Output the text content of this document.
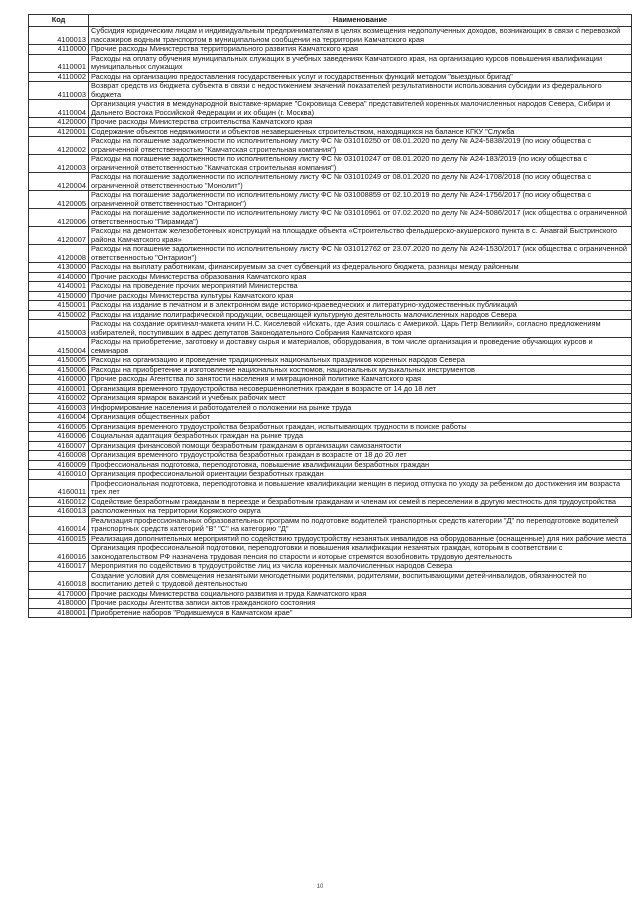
Код	Наименование
4100013	Субсидия юридическим лицам и индивидуальным предпринимателям в целях возмещения недополученных доходов, возникающих в связи с перевозкой пассажиров водным транспортом в муниципальном сообщении на территории Камчатского края
4110000	Прочие расходы Министерства территориального развития Камчатского края
4110001	Расходы на оплату обучения муниципальных служащих в учебных заведениях Камчатского края, на организацию курсов повышения квалификации муниципальных служащих
4110002	Расходы на организацию предоставления государственных услуг и государственных функций методом "выездных бригад"
4110003	Возврат средств из бюджета субъекта в связи с недостижением значений показателей результативности использования субсидии из федерального бюджета
4110004	Организация участия в международной выставке-ярмарке "Сокровища Севера" представителей коренных малочисленных народов Севера, Сибири и Дальнего Востока Российской Федерации и их общин (г. Москва)
4120000	Прочие расходы Министерства строительства Камчатского края
4120001	Содержание объектов недвижимости и объектов незавершенных строительством, находящихся на балансе КГКУ "Служба
4120002	Расходы на погашение задолженности по исполнительному листу ФС № 031010250 от 08.01.2020 по делу № А24-5838/2019 (по иску общества с ограниченной ответственностью "Камчатская строительная компания")
4120003	Расходы на погашение задолженности по исполнительному листу ФС № 031010247 от 08.01.2020 по делу № А24-183/2019 (по иску общества с ограниченной ответственностью "Камчатская строительная компания")
4120004	Расходы на погашение задолженности по исполнительному листу ФС № 031010249 от 08.01.2020 по делу № А24-1708/2018 (по иску общества с ограниченной ответственностью "Монолит")
4120005	Расходы на погашение задолженности по исполнительному листу ФС № 031008859 от 02.10.2019 по делу № А24-1756/2017 (по иску общества с ограниченной ответственностью "Онтарион")
4120006	Расходы на погашение задолженности по исполнительному листу ФС № 031010961 от 07.02.2020 по делу № А24-5086/2017 (иск общества с ограниченной ответственностью "Пирамида")
4120007	Расходы на демонтаж железобетонных конструкций на площадке объекта «Строительство фельдшерско-акушерского пункта в с. Анавгай Быстринского района Камчатского края»
4120008	Расходы на погашение задолженности по исполнительному листу ФС № 031012762 от 23.07.2020 по делу № А24-1530/2017 (иск общества с ограниченной ответственностью "Онтарион")
4130000	Расходы на выплату работникам, финансируемым за счет субвенций из федерального бюджета, разницы между районным
4140000	Прочие расходы Министерства образования Камчатского края
4140001	Расходы на проведение прочих мероприятий Министерства
4150000	Прочие расходы Министерства культуры Камчатского края
4150001	Расходы на издание в печатном и в электронном виде историко-краеведческих и литературно-художественных публикаций
4150002	Расходы на издание полиграфической продукции, освещающей культурную деятельность малочисленных народов Севера
4150003	Расходы на создание оригинал-макета книги Н.С. Киселевой «Искать, где Азия сошлась с Америкой. Царь Петр Великий», согласно предложениям избирателей, поступивших в адрес депутатов Законодательного Собрания Камчатского края
4150004	Расходы на приобретение, заготовку и доставку сырья и материалов, оборудования, в том числе организация и проведение обучающих курсов и семинаров
4150005	Расходы на организацию и проведение традиционных национальных праздников коренных народов Севера
4150006	Расходы на приобретение и изготовление национальных костюмов, национальных музыкальных инструментов
4160000	Прочие расходы Агентства по занятости населения и миграционной политике Камчатского края
4160001	Организация временного трудоустройства несовершеннолетних граждан в возрасте от 14 до 18 лет
4160002	Организация ярмарок вакансий и учебных рабочих мест
4160003	Информирование населения и работодателей о положении на рынке труда
4160004	Организация общественных работ
4160005	Организация временного трудоустройства безработных граждан, испытывающих трудности в поиске работы
4160006	Социальная адаптация безработных граждан на рынке труда
4160007	Организация финансовой помощи безработным гражданам в организации самозанятости
4160008	Организация временного трудоустройства безработных граждан в возрасте от 18 до 20 лет
4160009	Профессиональная подготовка, переподготовка, повышение квалификации безработных граждан
4160010	Организация профессиональной ориентации безработных граждан
4160011	Профессиональная подготовка, переподготовка и повышение квалификации женщин в период отпуска по уходу за ребенком до достижения им возраста трех лет
4160012	Содействие безработным гражданам в переезде и безработным гражданам и членам их семей в переселении в другую местность для трудоустройства
4160013	расположенных на территории Корякского округа
4160014	Реализация профессиональных образовательных программ по подготовке водителей транспортных средств категории "Д" по переподготовке водителей транспортных средств категорий "В" "С" на категорию "Д"
4160015	Реализация дополнительных мероприятий по содействию трудоустройству незанятых инвалидов на оборудованные (оснащенные) для них рабочие места
4160016	Организация профессиональной подготовки, переподготовки и повышения квалификации незанятых граждан, которым в соответствии с законодательством РФ назначена трудовая пенсия по старости и которые стремятся возобновить трудовую деятельность
4160017	Мероприятия по содействию в трудоустройстве лиц из числа коренных малочисленных народов Севера
4160018	Создание условий для совмещения незанятыми многодетными родителями, родителями, воспитывающими детей-инвалидов, обязанностей по воспитанию детей с трудовой деятельностью
4170000	Прочие расходы Министерства социального развития и труда Камчатского края
4180000	Прочие расходы Агентства записи актов гражданского состояния
4180001	Приобретение наборов "Родившемуся в Камчатском крае"
10
